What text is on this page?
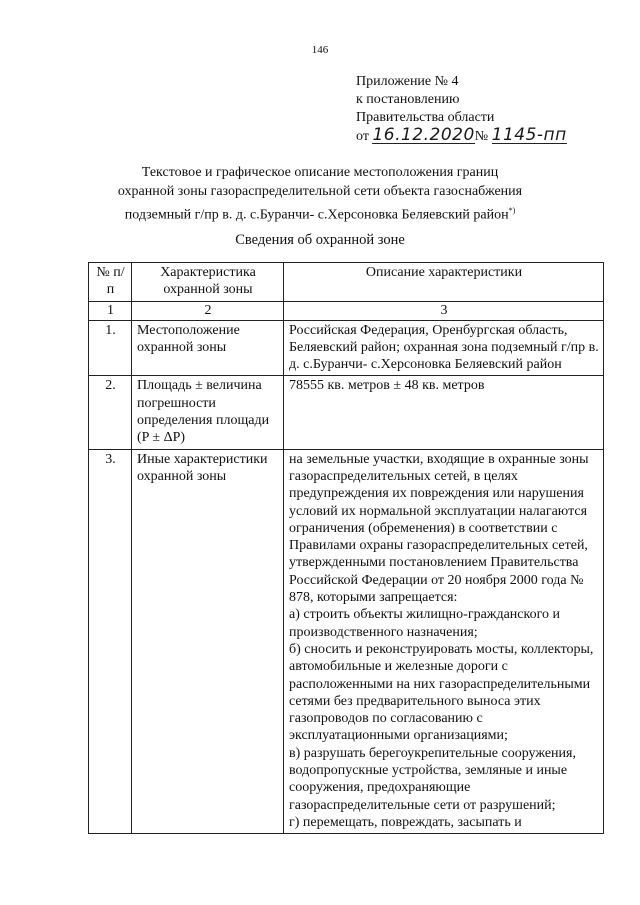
146
Приложение № 4
к постановлению
Правительства области
от 16.12.2020№ 1145-пп
Текстовое и графическое описание местоположения границ
охранной зоны газораспределительной сети объекта газоснабжения
подземный г/пр в. д. с.Буранчи- с.Херсоновка Беляевский район*)
Сведения об охранной зоне
№ п/п	Характеристика охранной зоны	Описание характеристики
1	2	3
1.	Местоположение охранной зоны	Российская Федерация, Оренбургская область, Беляевский район; охранная зона подземный г/пр в. д. с.Буранчи- с.Херсоновка Беляевский район
2.	Площадь ± величина погрешности определения площади (P ± ΔP)	78555 кв. метров ± 48 кв. метров
3.	Иные характеристики охранной зоны	на земельные участки, входящие в охранные зоны газораспределительных сетей, в целях предупреждения их повреждения или нарушения условий их нормальной эксплуатации налагаются ограничения (обременения) в соответствии с Правилами охраны газораспределительных сетей, утвержденными постановлением Правительства Российской Федерации от 20 ноября 2000 года № 878, которыми запрещается:
а) строить объекты жилищно-гражданского и производственного назначения;
б) сносить и реконструировать мосты, коллекторы, автомобильные и железные дороги с расположенными на них газораспределительными сетями без предварительного выноса этих газопроводов по согласованию с эксплуатационными организациями;
в) разрушать берегоукрепительные сооружения, водопропускные устройства, земляные и иные сооружения, предохраняющие газораспределительные сети от разрушений;
г) перемещать, повреждать, засыпать и
